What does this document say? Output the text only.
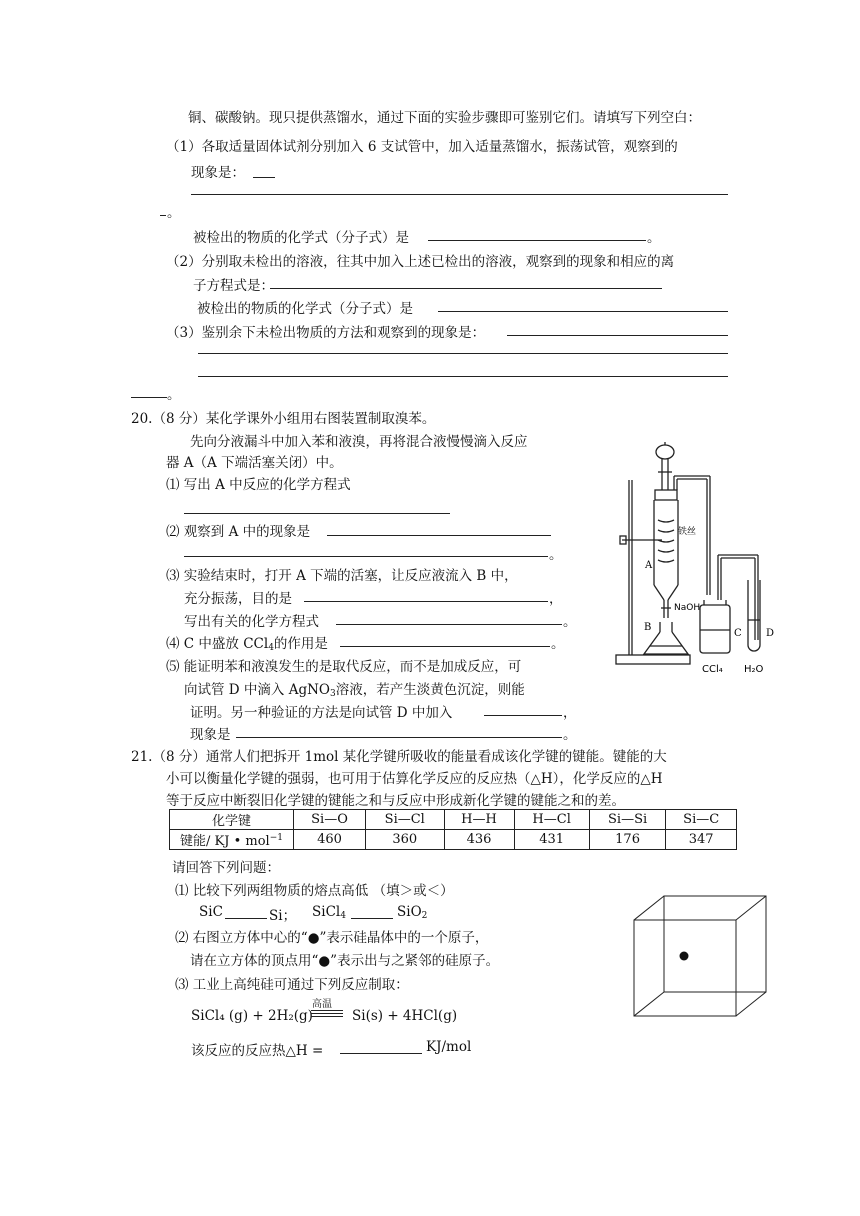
铜、碳酸钠。现只提供蒸馏水，通过下面的实验步骤即可鉴别它们。请填写下列空白：
（1）各取适量固体试剂分别加入 6 支试管中，加入适量蒸馏水，振荡试管，观察到的
现象是：
。
被检出的物质的化学式（分子式）是	。
（2）分别取未检出的溶液，往其中加入上述已检出的溶液，观察到的现象和相应的离
子方程式是：
被检出的物质的化学式（分子式）是
（3）鉴别余下未检出物质的方法和观察到的现象是：
。
20.（8 分）某化学课外小组用右图装置制取溴苯。
先向分液漏斗中加入苯和液溴，再将混合液慢慢滴入反应
器 A（A 下端活塞关闭）中。
⑴ 写出 A 中反应的化学方程式
⑵ 观察到 A 中的现象是
。
⑶ 实验结束时，打开 A 下端的活塞，让反应液流入 B 中，
充分振荡，目的是	，
写出有关的化学方程式	。
⑷ C 中盛放 CCl$_4$的作用是	。
⑸ 能证明苯和液溴发生的是取代反应，而不是加成反应，可
向试管 D 中滴入 AgNO$_3$溶液，若产生淡黄色沉淀，则能
证明。另一种验证的方法是向试管 D 中加入	，
现象是	。
A
铁丝
NaOH
B
C D
CCl₄ H₂O
21.（8 分）通常人们把拆开 1mol 某化学键所吸收的能量看成该化学键的键能。键能的大
小可以衡量化学键的强弱，也可用于估算化学反应的反应热（△H），化学反应的△H
等于反应中断裂旧化学键的键能之和与反应中形成新化学键的键能之和的差。
化学键	Si—O	Si—Cl	H—H	H—Cl	Si—Si	Si—C
键能/ KJ • mol$^{-1}$	460	360	436	431	176	347
请回答下列问题：
⑴ 比较下列两组物质的熔点高低 （填＞或＜）
SiC	Si； SiCl$_4$	SiO$_2$
⑵ 右图立方体中心的“●”表示硅晶体中的一个原子，
请在立方体的顶点用“●”表示出与之紧邻的硅原子。
⑶ 工业上高纯硅可通过下列反应制取：
SiCl₄ (g) + 2H₂(g)
高温
Si(s) + 4HCl(g)
该反应的反应热△H =	KJ/mol
